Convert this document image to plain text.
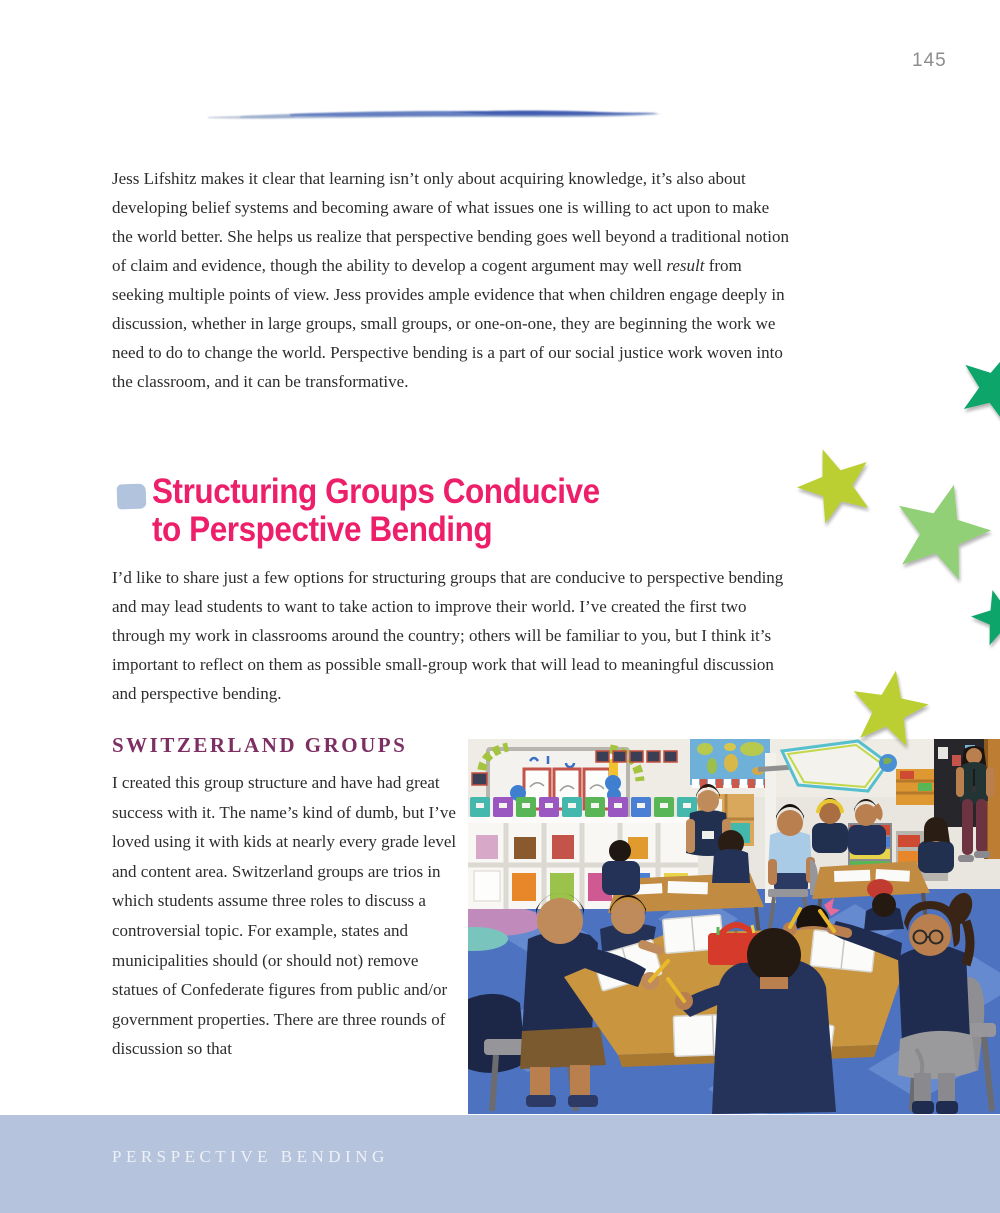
145

Jess Lifshitz makes it clear that learning isn’t only about acquiring knowledge, it’s also about developing belief systems and becoming aware of what issues one is willing to act upon to make the world better. She helps us realize that perspective bending goes well beyond a traditional notion of claim and evidence, though the ability to develop a cogent argument may well result from seeking multiple points of view. Jess provides ample evidence that when children engage deeply in discussion, whether in large groups, small groups, or one-on-one, they are beginning the work we need to do to change the world. Perspective bending is a part of our social justice work woven into the classroom, and it can be transformative.

Structuring Groups Conducive
to Perspective Bending

I’d like to share just a few options for structuring groups that are conducive to perspective bending and may lead students to want to take action to improve their world. I’ve created the first two through my work in classrooms around the country; others will be familiar to you, but I think it’s important to reflect on them as possible small-group work that will lead to meaningful discussion and perspective bending.

SWITZERLAND GROUPS

I created this group structure and have had great success with it. The name’s kind of dumb, but I’ve loved using it with kids at nearly every grade level and content area. Switzerland groups are trios in which students assume three roles to discuss a controversial topic. For example, states and municipalities should (or should not) remove statues of Confederate figures from public and/or government properties. There are three rounds of discussion so that

PERSPECTIVE BENDING
